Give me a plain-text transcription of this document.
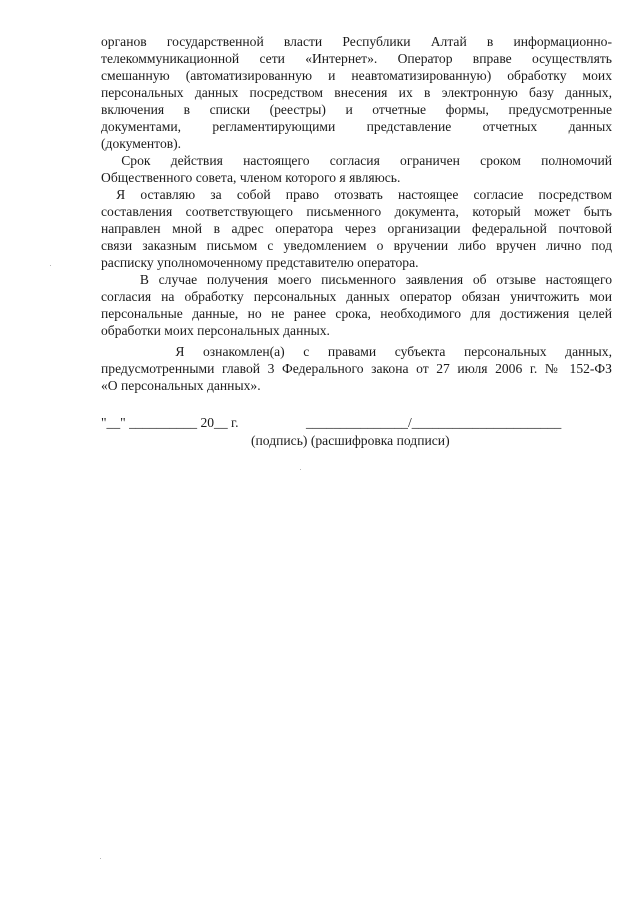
органов государственной власти Республики Алтай в информационно-
телекоммуникационной сети «Интернет». Оператор вправе осуществлять
смешанную (автоматизированную и неавтоматизированную) обработку моих
персональных данных посредством внесения их в электронную базу данных,
включения в списки (реестры) и отчетные формы, предусмотренные
документами, регламентирующими представление отчетных данных
(документов).
Срок действия настоящего согласия ограничен сроком полномочий
Общественного совета, членом которого я являюсь.
Я оставляю за собой право отозвать настоящее согласие посредством
составления соответствующего письменного документа, который может быть
направлен мной в адрес оператора через организации федеральной почтовой
связи заказным письмом с уведомлением о вручении либо вручен лично под
расписку уполномоченному представителю оператора.
В случае получения моего письменного заявления об отзыве настоящего
согласия на обработку персональных данных оператор обязан уничтожить мои
персональные данные, но не ранее срока, необходимого для достижения целей
обработки моих персональных данных.
Я ознакомлен(а) с правами субъекта персональных данных,
предусмотренными главой 3 Федерального закона от 27 июля 2006 г. № 152-ФЗ
«О персональных данных».
"__" __________ 20__ г.	_______________/______________________
(подпись) (расшифровка подписи)
